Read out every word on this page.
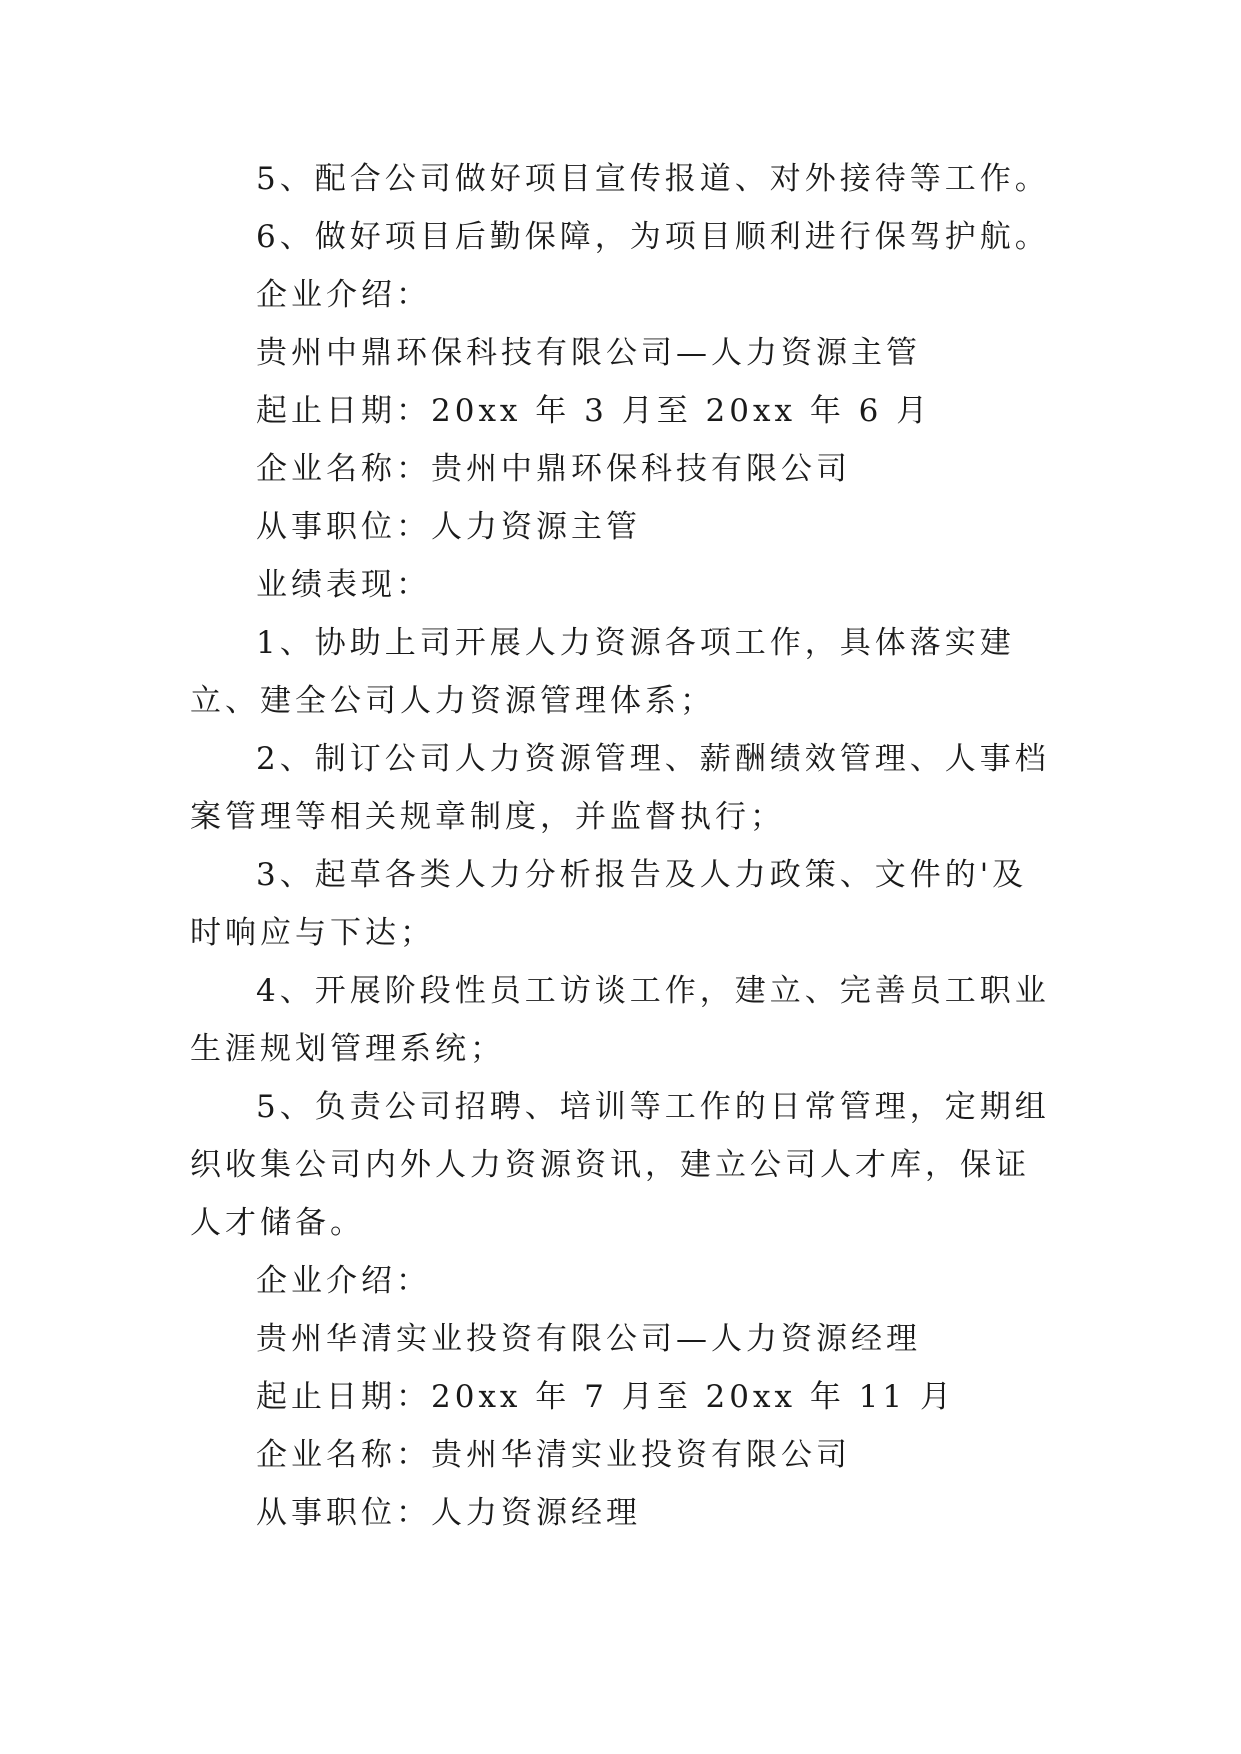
5、配合公司做好项目宣传报道、对外接待等工作。

6、做好项目后勤保障，为项目顺利进行保驾护航。

企业介绍：

贵州中鼎环保科技有限公司—人力资源主管

起止日期：20xx 年 3 月至 20xx 年 6 月

企业名称：贵州中鼎环保科技有限公司

从事职位：人力资源主管

业绩表现：

1、协助上司开展人力资源各项工作，具体落实建立、建全公司人力资源管理体系；

2、制订公司人力资源管理、薪酬绩效管理、人事档案管理等相关规章制度，并监督执行；

3、起草各类人力分析报告及人力政策、文件的'及时响应与下达；

4、开展阶段性员工访谈工作，建立、完善员工职业生涯规划管理系统；

5、负责公司招聘、培训等工作的日常管理，定期组织收集公司内外人力资源资讯，建立公司人才库，保证人才储备。

企业介绍：

贵州华清实业投资有限公司—人力资源经理

起止日期：20xx 年 7 月至 20xx 年 11 月

企业名称：贵州华清实业投资有限公司

从事职位：人力资源经理
